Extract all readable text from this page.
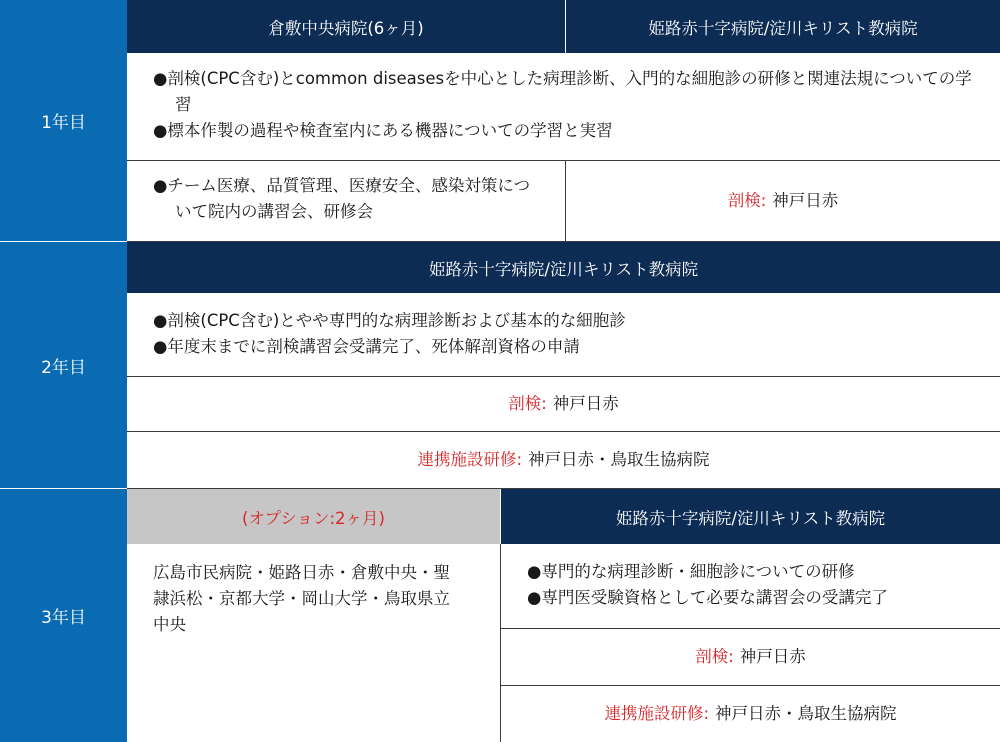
1年目
2年目
3年目
倉敷中央病院(6ヶ月)	姫路赤十字病院/淀川キリスト教病院
●剖検(CPC含む)とcommon diseasesを中心とした病理診断、入門的な細胞診の研修と関連法規についての学習
●標本作製の過程や検査室内にある機器についての学習と実習
●チーム医療、品質管理、医療安全、感染対策について院内の講習会、研修会
剖検: 神戸日赤
姫路赤十字病院/淀川キリスト教病院
●剖検(CPC含む)とやや専門的な病理診断および基本的な細胞診
●年度末までに剖検講習会受講完了、死体解剖資格の申請
剖検: 神戸日赤
連携施設研修: 神戸日赤・鳥取生協病院
(オプション:2ヶ月)	姫路赤十字病院/淀川キリスト教病院
広島市民病院・姫路日赤・倉敷中央・聖隷浜松・京都大学・岡山大学・鳥取県立中央
●専門的な病理診断・細胞診についての研修
●専門医受験資格として必要な講習会の受講完了
剖検: 神戸日赤
連携施設研修: 神戸日赤・鳥取生協病院
